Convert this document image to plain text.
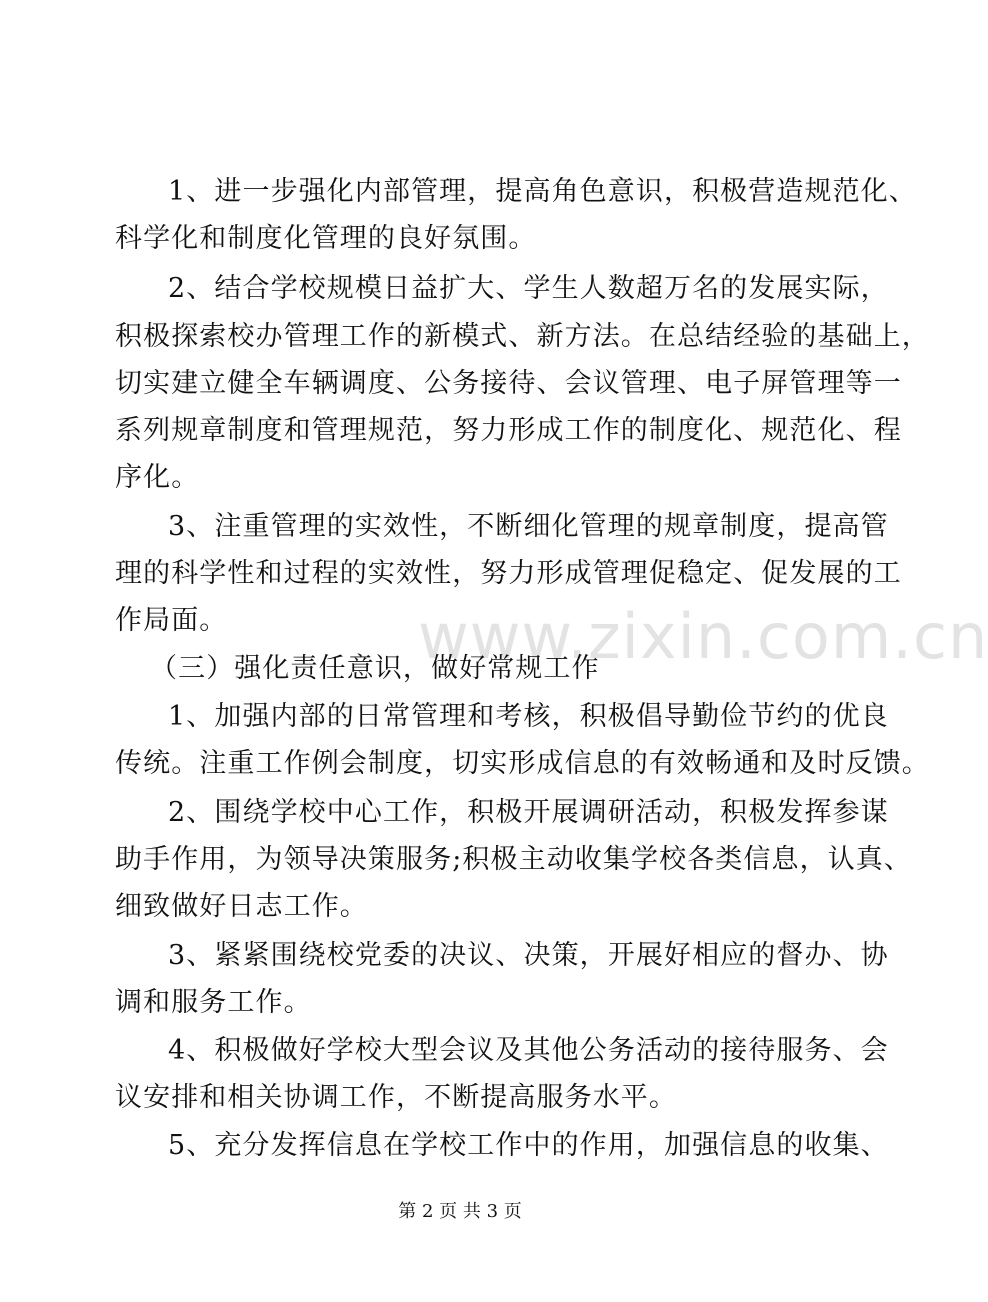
www.zixin.com.cn
1、进一步强化内部管理，提高角色意识，积极营造规范化、
科学化和制度化管理的良好氛围。
2、结合学校规模日益扩大、学生人数超万名的发展实际，
积极探索校办管理工作的新模式、新方法。在总结经验的基础上，
切实建立健全车辆调度、公务接待、会议管理、电子屏管理等一
系列规章制度和管理规范，努力形成工作的制度化、规范化、程
序化。
3、注重管理的实效性，不断细化管理的规章制度，提高管
理的科学性和过程的实效性，努力形成管理促稳定、促发展的工
作局面。
（三）强化责任意识，做好常规工作
1、加强内部的日常管理和考核，积极倡导勤俭节约的优良
传统。注重工作例会制度，切实形成信息的有效畅通和及时反馈。
2、围绕学校中心工作，积极开展调研活动，积极发挥参谋
助手作用，为领导决策服务;积极主动收集学校各类信息，认真、
细致做好日志工作。
3、紧紧围绕校党委的决议、决策，开展好相应的督办、协
调和服务工作。
4、积极做好学校大型会议及其他公务活动的接待服务、会
议安排和相关协调工作，不断提高服务水平。
5、充分发挥信息在学校工作中的作用，加强信息的收集、
第 2 页 共 3 页
